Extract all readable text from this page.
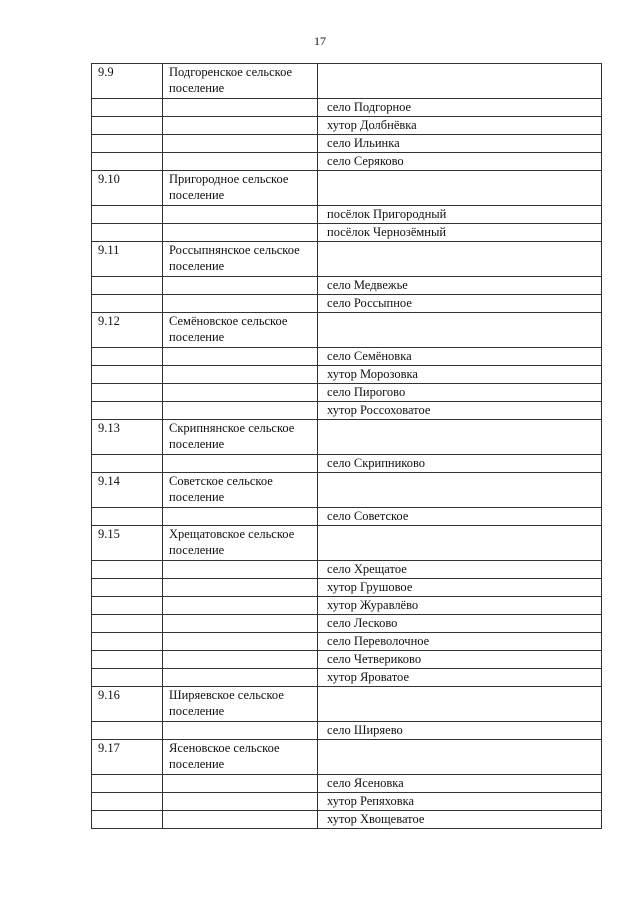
17
9.9	Подгоренское сельское поселение	
		село Подгорное
		хутор Долбнёвка
		село Ильинка
		село Серяково
9.10	Пригородное сельское поселение	
		посёлок Пригородный
		посёлок Чернозёмный
9.11	Россыпнянское сельское поселение	
		село Медвежье
		село Россыпное
9.12	Семёновское сельское поселение	
		село Семёновка
		хутор Морозовка
		село Пирогово
		хутор Россоховатое
9.13	Скрипнянское сельское поселение	
		село Скрипниково
9.14	Советское сельское поселение	
		село Советское
9.15	Хрещатовское сельское поселение	
		село Хрещатое
		хутор Грушовое
		хутор Журавлёво
		село Лесково
		село Переволочное
		село Четвериково
		хутор Яроватое
9.16	Ширяевское сельское поселение	
		село Ширяево
9.17	Ясеновское сельское поселение	
		село Ясеновка
		хутор Репяховка
		хутор Хвощеватое
